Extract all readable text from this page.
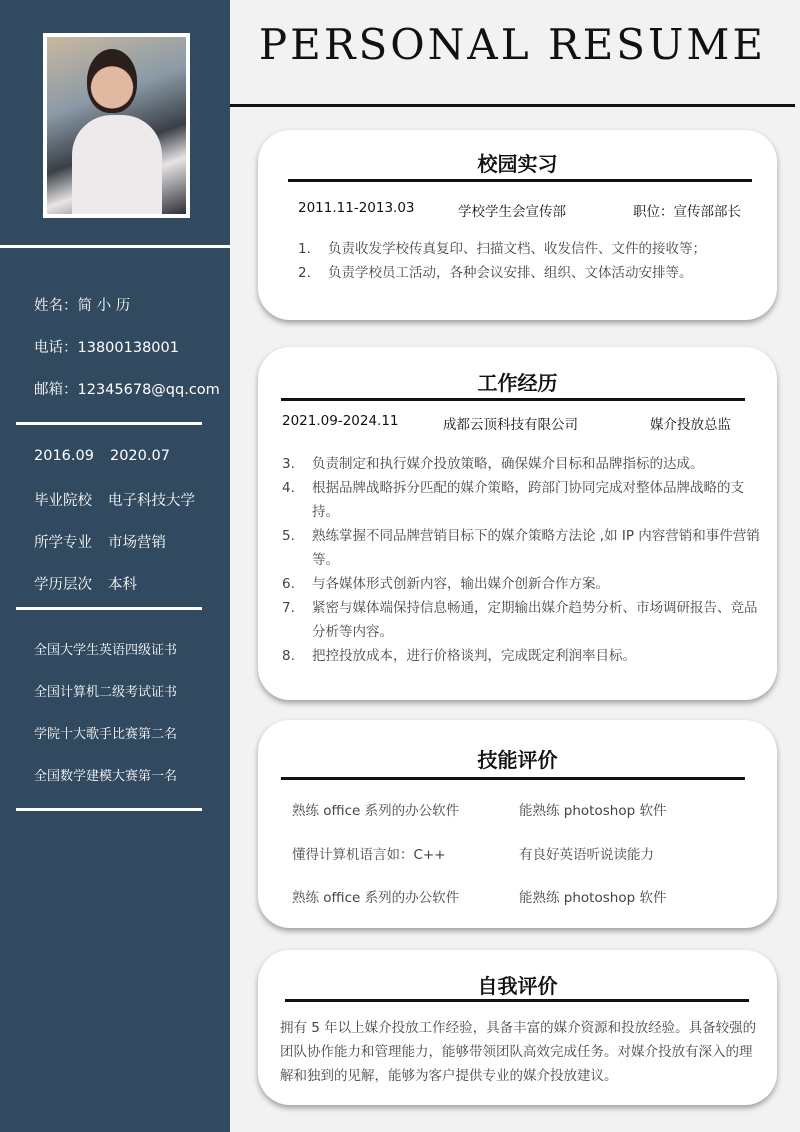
姓名：简 小 历
电话：13800138001
邮箱：12345678@qq.com
2016.09 2020.07
毕业院校 电子科技大学
所学专业 市场营销
学历层次 本科
全国大学生英语四级证书
全国计算机二级考试证书
学院十大歌手比赛第二名
全国数学建模大赛第一名
PERSONAL RESUME
校园实习
2011.11-2013.03	学校学生会宣传部	职位：宣传部部长
1.	负责收发学校传真复印、扫描文档、收发信件、文件的接收等；
2.	负责学校员工活动，各种会议安排、组织、文体活动安排等。
工作经历
2021.09-2024.11	成都云顶科技有限公司	媒介投放总监
3.	负责制定和执行媒介投放策略，确保媒介目标和品牌指标的达成。
4.	根据品牌战略拆分匹配的媒介策略，跨部门协同完成对整体品牌战略的支持。
5.	熟练掌握不同品牌营销目标下的媒介策略方法论 ,如 IP 内容营销和事件营销等。
6.	与各媒体形式创新内容，输出媒介创新合作方案。
7.	紧密与媒体端保持信息畅通，定期输出媒介趋势分析、市场调研报告、竞品分析等内容。
8.	把控投放成本，进行价格谈判，完成既定利润率目标。
技能评价
熟练 office 系列的办公软件	能熟练 photoshop 软件
懂得计算机语言如：C++	有良好英语听说读能力
熟练 office 系列的办公软件	能熟练 photoshop 软件
自我评价
拥有 5 年以上媒介投放工作经验，具备丰富的媒介资源和投放经验。具备较强的团队协作能力和管理能力，能够带领团队高效完成任务。对媒介投放有深入的理解和独到的见解，能够为客户提供专业的媒介投放建议。
